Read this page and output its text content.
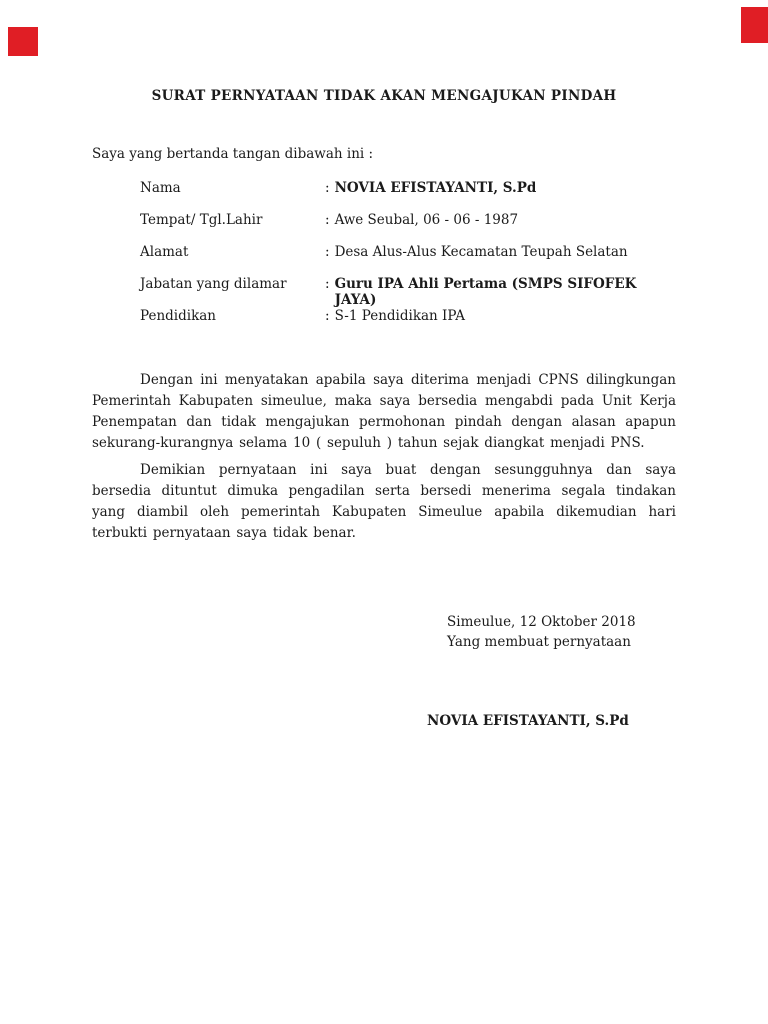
SURAT PERNYATAAN TIDAK AKAN MENGAJUKAN PINDAH
Saya yang bertanda tangan dibawah ini :
Nama	: NOVIA EFISTAYANTI, S.Pd
Tempat/ Tgl.Lahir	: Awe Seubal, 06 - 06 - 1987
Alamat	: Desa Alus-Alus Kecamatan Teupah Selatan
Jabatan yang dilamar	: Guru IPA Ahli Pertama (SMPS SIFOFEK JAYA)
Pendidikan	: S-1 Pendidikan IPA

Dengan ini menyatakan apabila saya diterima menjadi CPNS dilingkungan Pemerintah Kabupaten simeulue, maka saya bersedia mengabdi pada Unit Kerja Penempatan dan tidak mengajukan permohonan pindah dengan alasan apapun sekurang-kurangnya selama 10 ( sepuluh ) tahun sejak diangkat menjadi PNS.

Demikian pernyataan ini saya buat dengan sesungguhnya dan saya bersedia dituntut dimuka pengadilan serta bersedi menerima segala tindakan yang diambil oleh pemerintah Kabupaten Simeulue apabila dikemudian hari terbukti pernyataan saya tidak benar.

Simeulue, 12 Oktober 2018
Yang membuat pernyataan
NOVIA EFISTAYANTI, S.Pd
